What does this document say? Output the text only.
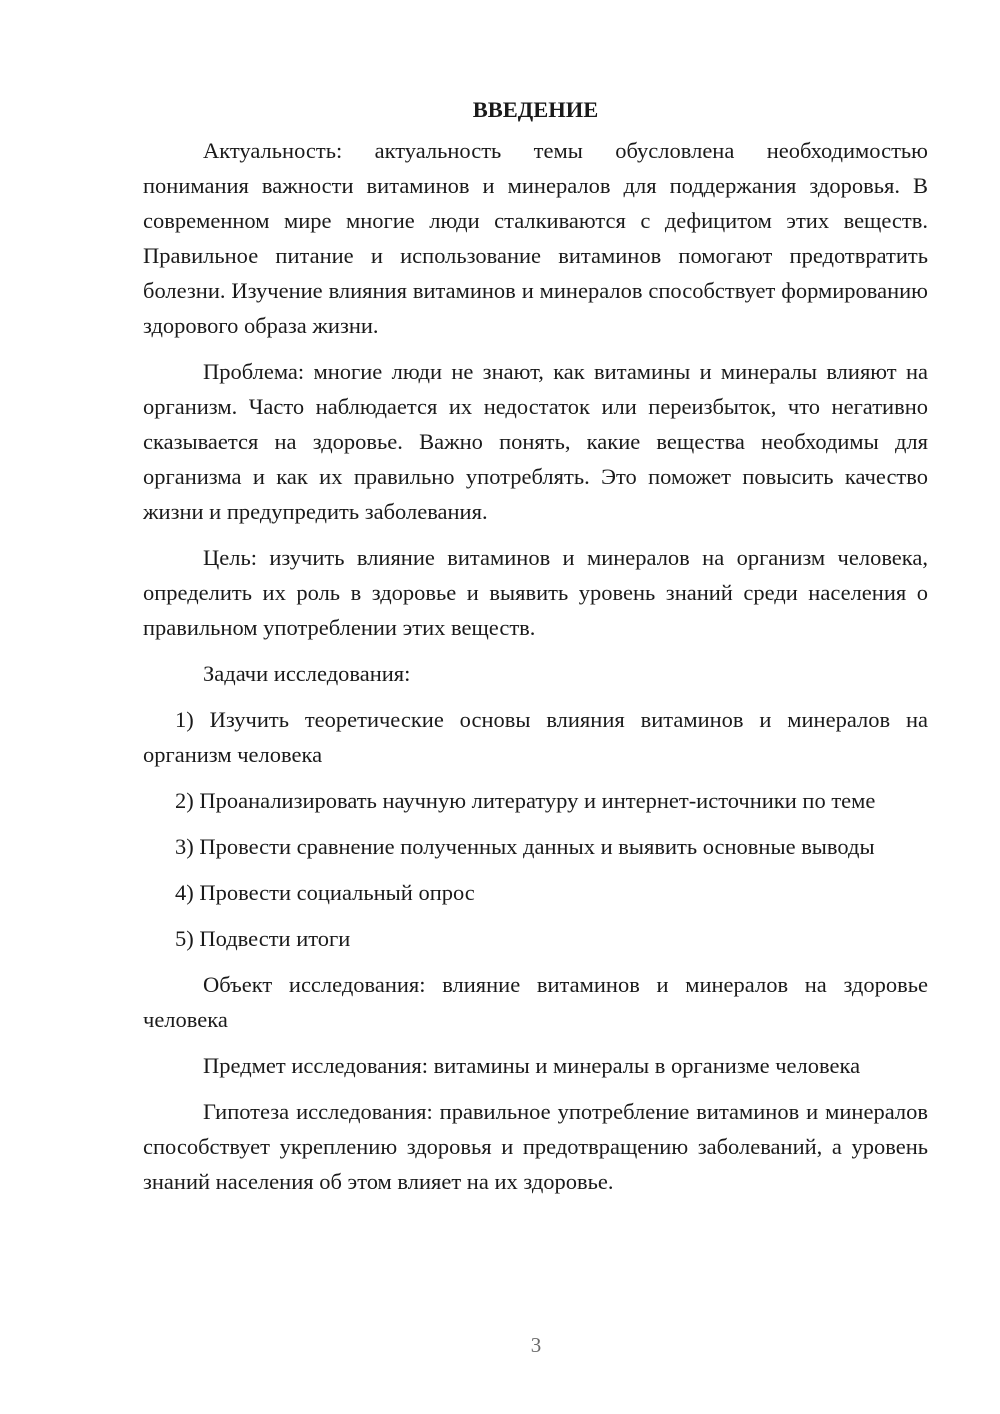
ВВЕДЕНИЕ

Актуальность: актуальность темы обусловлена необходимостью понимания важности витаминов и минералов для поддержания здоровья. В современном мире многие люди сталкиваются с дефицитом этих веществ. Правильное питание и использование витаминов помогают предотвратить болезни. Изучение влияния витаминов и минералов способствует формированию здорового образа жизни.

Проблема: многие люди не знают, как витамины и минералы влияют на организм. Часто наблюдается их недостаток или переизбыток, что негативно сказывается на здоровье. Важно понять, какие вещества необходимы для организма и как их правильно употреблять. Это поможет повысить качество жизни и предупредить заболевания.

Цель: изучить влияние витаминов и минералов на организм человека, определить их роль в здоровье и выявить уровень знаний среди населения о правильном употреблении этих веществ.

Задачи исследования:

1) Изучить теоретические основы влияния витаминов и минералов на организм человека

2) Проанализировать научную литературу и интернет-источники по теме

3) Провести сравнение полученных данных и выявить основные выводы

4) Провести социальный опрос

5) Подвести итоги

Объект исследования: влияние витаминов и минералов на здоровье человека

Предмет исследования: витамины и минералы в организме человека

Гипотеза исследования: правильное употребление витаминов и минералов способствует укреплению здоровья и предотвращению заболеваний, а уровень знаний населения об этом влияет на их здоровье.

3
